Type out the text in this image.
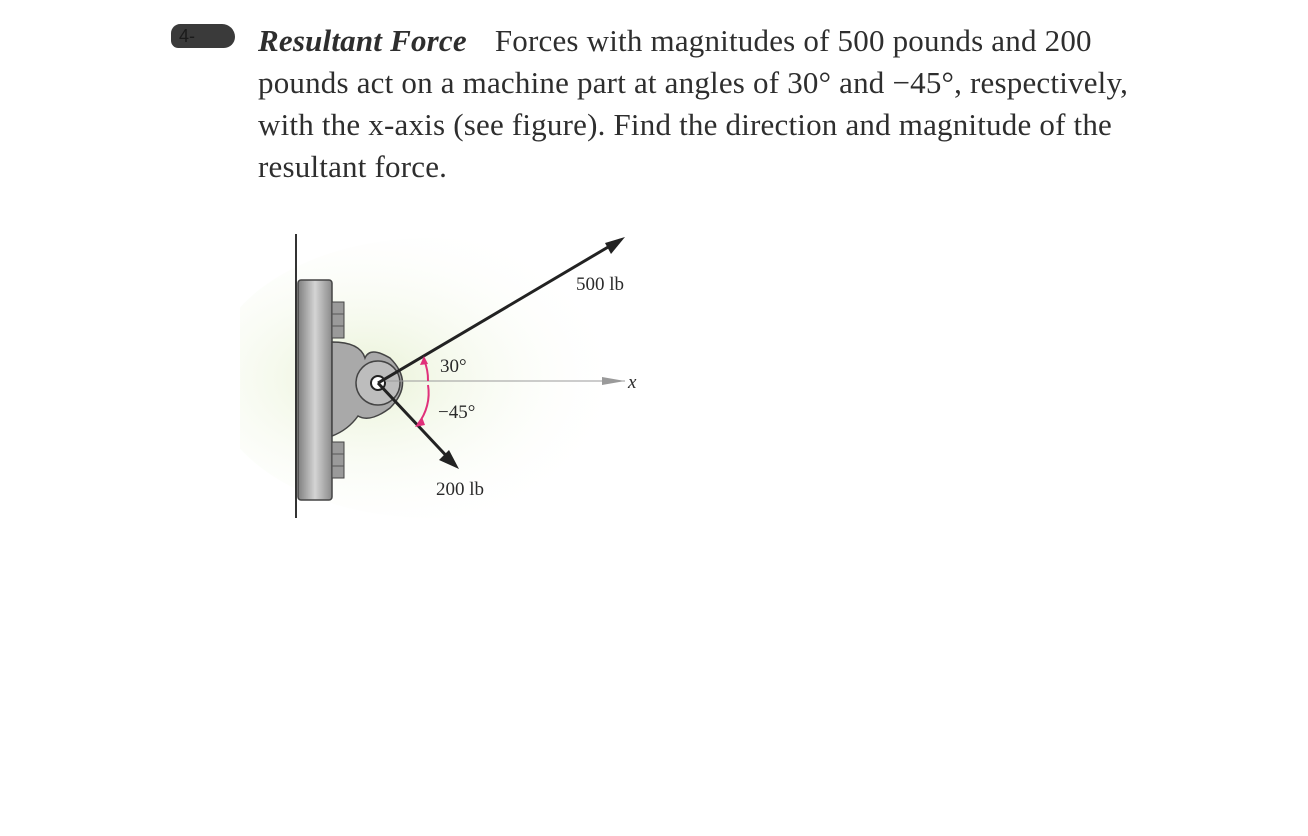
4-	Resultant Force Forces with magnitudes of 500 pounds and 200 pounds act on a machine part at angles of 30° and −45°, respectively, with the x-axis (see figure). Find the direction and magnitude of the resultant force.
x
500 lb
200 lb
30°
−45°
